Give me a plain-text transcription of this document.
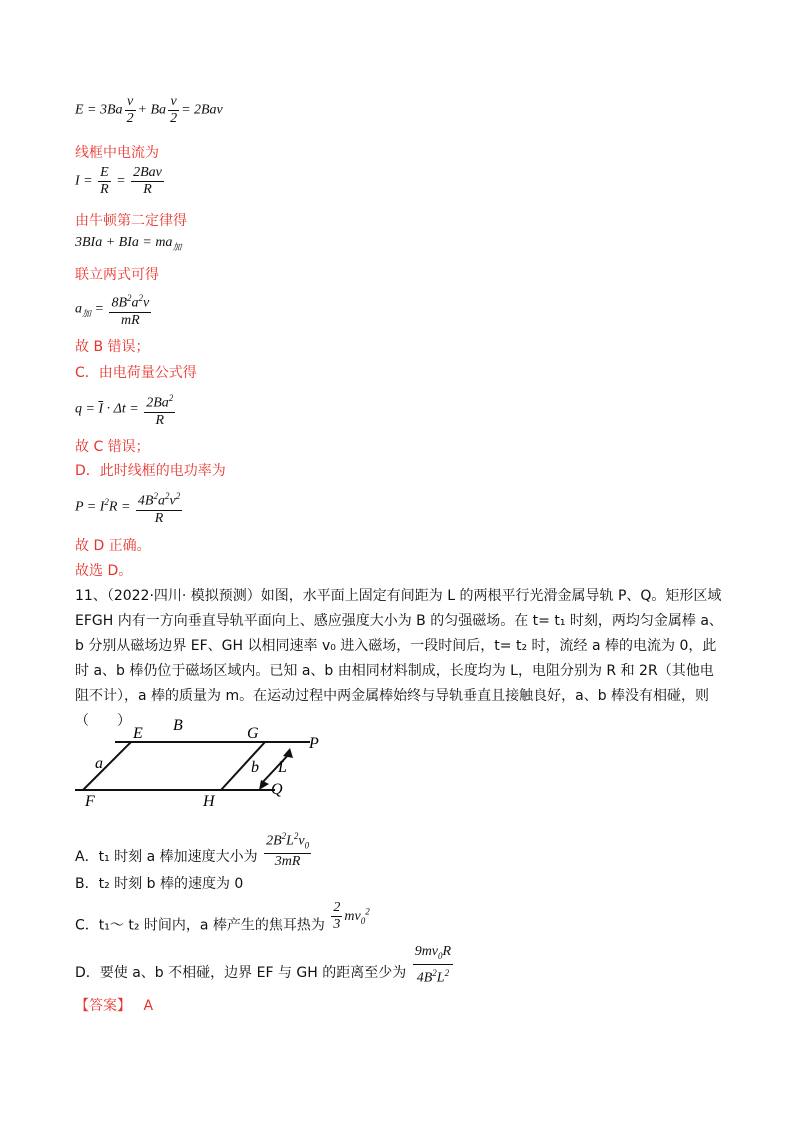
$E = 3Ba \frac{v}{2} + Ba \frac{v}{2} = 2Bav$
线框中电流为
$I = \frac{E}{R} = \frac{\text{2Bav}}{R}$
由牛顿第二定律得
3BIa + BIa = $ma_加$
联立两式可得
$a_加 = \frac{8B^2a^2v}{mR}$
故 B 错误；
C．由电荷量公式得
$q = \overline{I} \cdot \Delta t = \frac{2Ba^2}{R}$
故 C 错误；
D．此时线框的电功率为
$P = I^2R = \frac{4B^2a^2v^2}{R}$
故 D 正确。
故选 D。
11、（2022·四川· 模拟预测）如图，水平面上固定有间距为 L 的两根平行光滑金属导轨 P、Q。矩形区域 EFGH 内有一方向垂直导轨平面向上、感应强度大小为 B 的匀强磁场。在 t= t₁ 时刻，两均匀金属棒 a、b 分别从磁场边界 EF、GH 以相同速率 v₀ 进入磁场，一段时间后，t= t₂ 时，流经 a 棒的电流为 0，此时 a、b 棒仍位于磁场区域内。已知 a、b 由相同材料制成，长度均为 L，电阻分别为 R 和 2R（其他电阻不计），a 棒的质量为 m。在运动过程中两金属棒始终与导轨垂直且接触良好，a、b 棒没有相碰，则 （　　）
E B	G
P
a	b L
F	H
Q
A．t₁ 时刻 a 棒加速度大小为 $\frac{2B^2L^2v_0}{3mR}$
B．t₂ 时刻 b 棒的速度为 0
C．t₁～ t₂ 时间内，a 棒产生的焦耳热为 $\frac{2}{3} mv_0^2$
D．要使 a、b 不相碰，边界 EF 与 GH 的距离至少为 $\frac{9mv_0R}{4B^2L^2}$
【答案】 A
